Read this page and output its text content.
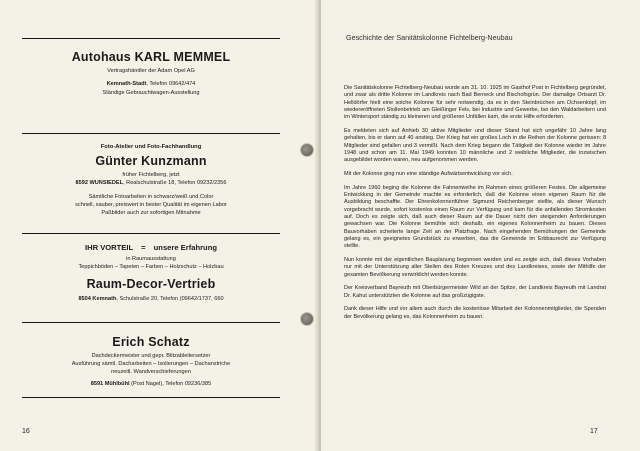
Autohaus KARL MEMMEL
Vertragshändler der Adam Opel AG
Kemnath-Stadt, Telefon 09642/474
Ständige Gebrauchtwagen-Ausstellung
Foto-Atelier und Foto-Fachhandlung
Günter Kunzmann
früher Fichtelberg, jetzt
8592 WUNSIEDEL, Realschulstraße 18, Telefon 09232/2356
Sämtliche Fotoarbeiten in schwarz/weiß und Color
schnell, sauber, preiswert in bester Qualität im eigenen Labor
Paßbilder auch zur sofortigen Mitnahme
IHR VORTEIL = unsere Erfahrung
in Raumausstattung
Teppichböden – Tapeten – Farben – Holzschutz – Holzbau
Raum-Decor-Vertrieb
8504 Kemnath, Schulstraße 20, Telefon (09642/1737, 660
Erich Schatz
Dachdeckermeister und gepr. Blitzableitersetzer
Ausführung sämtl. Dacharbeiten – Isolierungen – Dachanstriche
neuzeitl. Wandverschieferungen
8591 Mühlbühl (Post Nagel), Telefon 09236/385
16
Geschichte der Sanitätskolonne Fichtelberg-Neubau

Die Sanitätskolonne Fichtelberg-Neubau wurde am 31. 10. 1925 im Gasthof Post in Fichtelberg gegründet, und zwar als dritte Kolonne im Landkreis nach Bad Berneck und Bischofsgrün. Der damalige Ortsarzt Dr. Helldörfer hielt eine solche Kolonne für sehr notwendig, da es in den Steinbrüchen am Ochsenkopf, im wiedereröffneten Stollenbetrieb am Gleißinger Fels, bei Industrie und Gewerbe, bei den Waldarbeitern und im Wintersport ständig zu kleineren und größeren Unfällen kam, die erste Hilfe erforderten.

Es meldeten sich auf Anhieb 30 aktive Mitglieder und dieser Stand hat sich ungefähr 10 Jahre lang gehalten, bis er dann auf 40 anstieg. Der Krieg hat ein großes Loch in die Reihen der Kolonne gerissen: 8 Mitglieder sind gefallen und 3 vermißt. Nach dem Krieg begann die Tätigkeit der Kolonne wieder im Jahre 1948 und schon am 11. Mai 1949 konnten 10 männliche und 2 weibliche Mitglieder, die inzwischen ausgebildet worden waren, neu aufgenommen werden.

Mit der Kolonne ging nun eine ständige Aufwärtsentwicklung vor sich.

Im Jahre 1960 beging die Kolonne die Fahnenweihe im Rahmen eines größeren Festes. Die allgemeine Entwicklung in der Gemeinde machte es erforderlich, daß die Kolonne einen eigenen Raum für die Ausbildung beschaffte. Der Ehrenkolonnenführer Sigmund Reichenberger stellte, als dieser Wunsch vorgebracht wurde, sofort kostenlos einen Raum zur Verfügung und kam für die anfallenden Stromkosten auf. Doch es zeigte sich, daß auch dieser Raum auf die Dauer nicht den steigenden Anforderungen gewachsen war. Die Kolonne bemühte sich deshalb, ein eigenes Kolonnenheim zu bauen. Dieses Bauvorhaben scheiterte lange Zeit an der Platzfrage. Nach eingehenden Bemühungen der Gemeinde gelang es, ein geeignetes Grundstück zu erwerben, das die Gemeinde im Erbbaurecht zur Verfügung stellte.

Nun konnte mit der eigentlichen Bauplanung begonnen werden und es zeigte sich, daß dieses Vorhaben nur mit der Unterstützung aller Stellen des Roten Kreuzes und des Landkreises, sowie der Mithilfe der gesamten Bevölkerung verwirklicht werden konnte.

Der Kreisverband Bayreuth mit Oberbürgermeister Wild an der Spitze, der Landkreis Bayreuth mit Landrat Dr. Kahut unterstützten die Kolonne auf das großzügigste.

Dank dieser Hilfe und vor allem auch durch die kostenlose Mitarbeit der Kolonnenmitglieder, die Spenden der Bevölkerung gelang es, das Kolonnenheim zu bauen.

17
